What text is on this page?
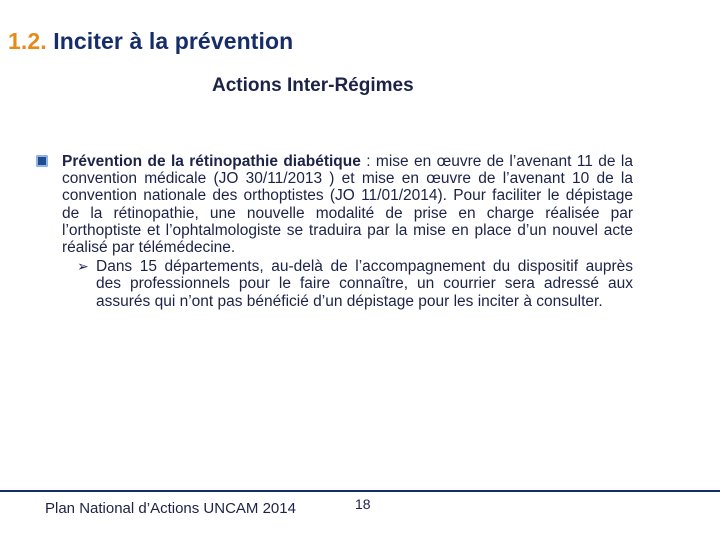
1.2. Inciter à la prévention
Actions Inter-Régimes
Prévention de la rétinopathie diabétique : mise en œuvre de l’avenant 11 de la convention médicale (JO 30/11/2013 ) et mise en œuvre de l’avenant 10 de la convention nationale des orthoptistes (JO 11/01/2014). Pour faciliter le dépistage de la rétinopathie, une nouvelle modalité de prise en charge réalisée par l’orthoptiste et l’ophtalmologiste se traduira par la mise en place d’un nouvel acte réalisé par télémédecine.
➢ Dans 15 départements, au-delà de l’accompagnement du dispositif auprès des professionnels pour le faire connaître, un courrier sera adressé aux assurés qui n’ont pas bénéficié d’un dépistage pour les inciter à consulter.
Plan National d’Actions UNCAM 2014	18
